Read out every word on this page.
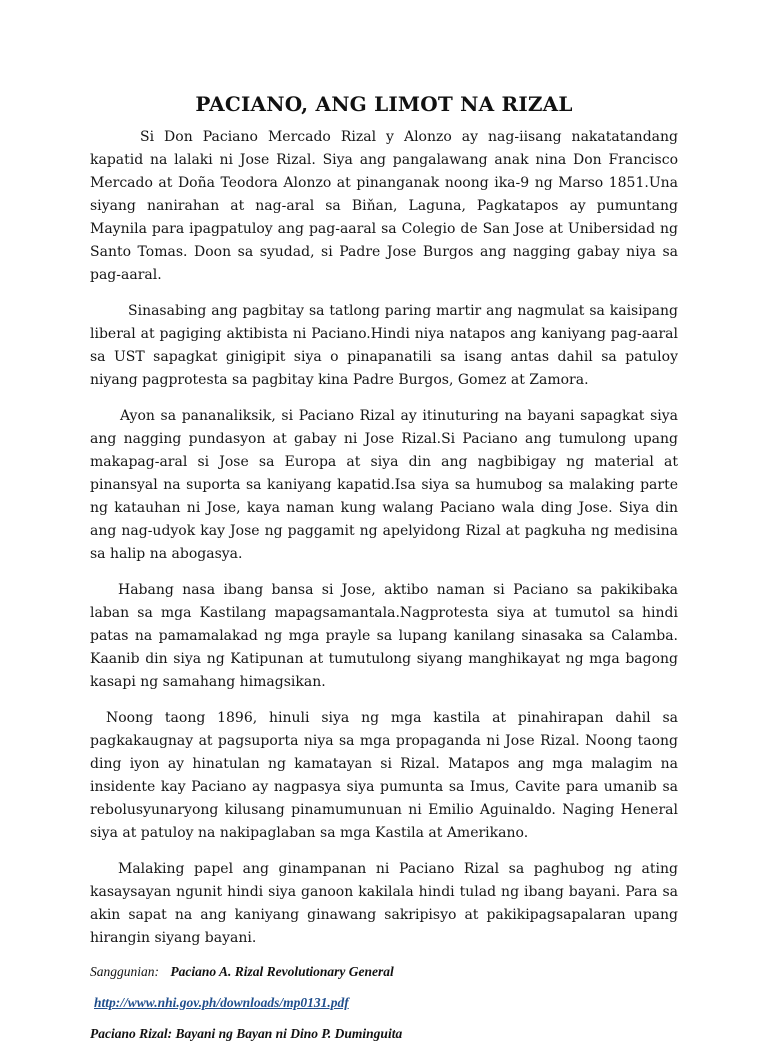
PACIANO, ANG LIMOT NA RIZAL

Si Don Paciano Mercado Rizal y Alonzo ay nag-iisang nakatatandang kapatid na lalaki ni Jose Rizal. Siya ang pangalawang anak nina Don Francisco Mercado at Doña Teodora Alonzo at pinanganak noong ika-9 ng Marso 1851.Una siyang nanirahan at nag-aral sa Biňan, Laguna, Pagkatapos ay pumuntang Maynila para ipagpatuloy ang pag-aaral sa Colegio de San Jose at Unibersidad ng Santo Tomas. Doon sa syudad, si Padre Jose Burgos ang nagging gabay niya sa pag-aaral.

Sinasabing ang pagbitay sa tatlong paring martir ang nagmulat sa kaisipang liberal at pagiging aktibista ni Paciano.Hindi niya natapos ang kaniyang pag-aaral sa UST sapagkat ginigipit siya o pinapanatili sa isang antas dahil sa patuloy niyang pagprotesta sa pagbitay kina Padre Burgos, Gomez at Zamora.

Ayon sa pananaliksik, si Paciano Rizal ay itinuturing na bayani sapagkat siya ang nagging pundasyon at gabay ni Jose Rizal.Si Paciano ang tumulong upang makapag-aral si Jose sa Europa at siya din ang nagbibigay ng material at pinansyal na suporta sa kaniyang kapatid.Isa siya sa humubog sa malaking parte ng katauhan ni Jose, kaya naman kung walang Paciano wala ding Jose. Siya din ang nag-udyok kay Jose ng paggamit ng apelyidong Rizal at pagkuha ng medisina sa halip na abogasya.

Habang nasa ibang bansa si Jose, aktibo naman si Paciano sa pakikibaka laban sa mga Kastilang mapagsamantala.Nagprotesta siya at tumutol sa hindi patas na pamamalakad ng mga prayle sa lupang kanilang sinasaka sa Calamba. Kaanib din siya ng Katipunan at tumutulong siyang manghikayat ng mga bagong kasapi ng samahang himagsikan.

Noong taong 1896, hinuli siya ng mga kastila at pinahirapan dahil sa pagkakaugnay at pagsuporta niya sa mga propaganda ni Jose Rizal. Noong taong ding iyon ay hinatulan ng kamatayan si Rizal. Matapos ang mga malagim na insidente kay Paciano ay nagpasya siya pumunta sa Imus, Cavite para umanib sa rebolusyunaryong kilusang pinamumunuan ni Emilio Aguinaldo. Naging Heneral siya at patuloy na nakipaglaban sa mga Kastila at Amerikano.

Malaking papel ang ginampanan ni Paciano Rizal sa paghubog ng ating kasaysayan ngunit hindi siya ganoon kakilala hindi tulad ng ibang bayani. Para sa akin sapat na ang kaniyang ginawang sakripisyo at pakikipagsapalaran upang hirangin siyang bayani.

Sanggunian: Paciano A. Rizal Revolutionary General
http://www.nhi.gov.ph/downloads/mp0131.pdf
Paciano Rizal: Bayani ng Bayan ni Dino P. Duminguita
